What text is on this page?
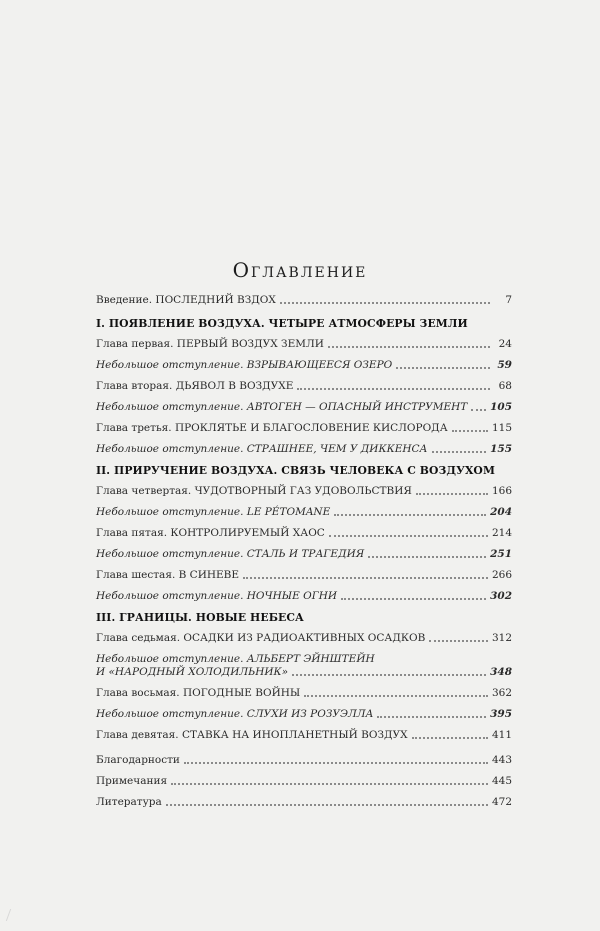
Оглавление
Введение. ПОСЛЕДНИЙ ВЗДОХ	7
I. ПОЯВЛЕНИЕ ВОЗДУХА. ЧЕТЫРЕ АТМОСФЕРЫ ЗЕМЛИ
Глава первая. ПЕРВЫЙ ВОЗДУХ ЗЕМЛИ	24
Небольшое отступление. ВЗРЫВАЮЩЕЕСЯ ОЗЕРО	59
Глава вторая. ДЬЯВОЛ В ВОЗДУХЕ	68
Небольшое отступление. АВТОГЕН — ОПАСНЫЙ ИНСТРУМЕНТ 105
Глава третья. ПРОКЛЯТЬЕ И БЛАГОСЛОВЕНИЕ КИСЛОРОДА	115
Небольшое отступление. СТРАШНЕЕ, ЧЕМ У ДИККЕНСА	155
II. ПРИРУЧЕНИЕ ВОЗДУХА. СВЯЗЬ ЧЕЛОВЕКА С ВОЗДУХОМ
Глава четвертая. ЧУДОТВОРНЫЙ ГАЗ УДОВОЛЬСТВИЯ	166
Небольшое отступление. LE PÉTOMANE	204
Глава пятая. КОНТРОЛИРУЕМЫЙ ХАОС	214
Небольшое отступление. СТАЛЬ И ТРАГЕДИЯ	251
Глава шестая. В СИНЕВЕ	266
Небольшое отступление. НОЧНЫЕ ОГНИ	302
III. ГРАНИЦЫ. НОВЫЕ НЕБЕСА
Глава седьмая. ОСАДКИ ИЗ РАДИОАКТИВНЫХ ОСАДКОВ	312
Небольшое отступление. АЛЬБЕРТ ЭЙНШТЕЙН
И «НАРОДНЫЙ ХОЛОДИЛЬНИК»	348
Глава восьмая. ПОГОДНЫЕ ВОЙНЫ	362
Небольшое отступление. СЛУХИ ИЗ РОЗУЭЛЛА	395
Глава девятая. СТАВКА НА ИНОПЛАНЕТНЫЙ ВОЗДУХ	411
Благодарности	443
Примечания	445
Литература	472
